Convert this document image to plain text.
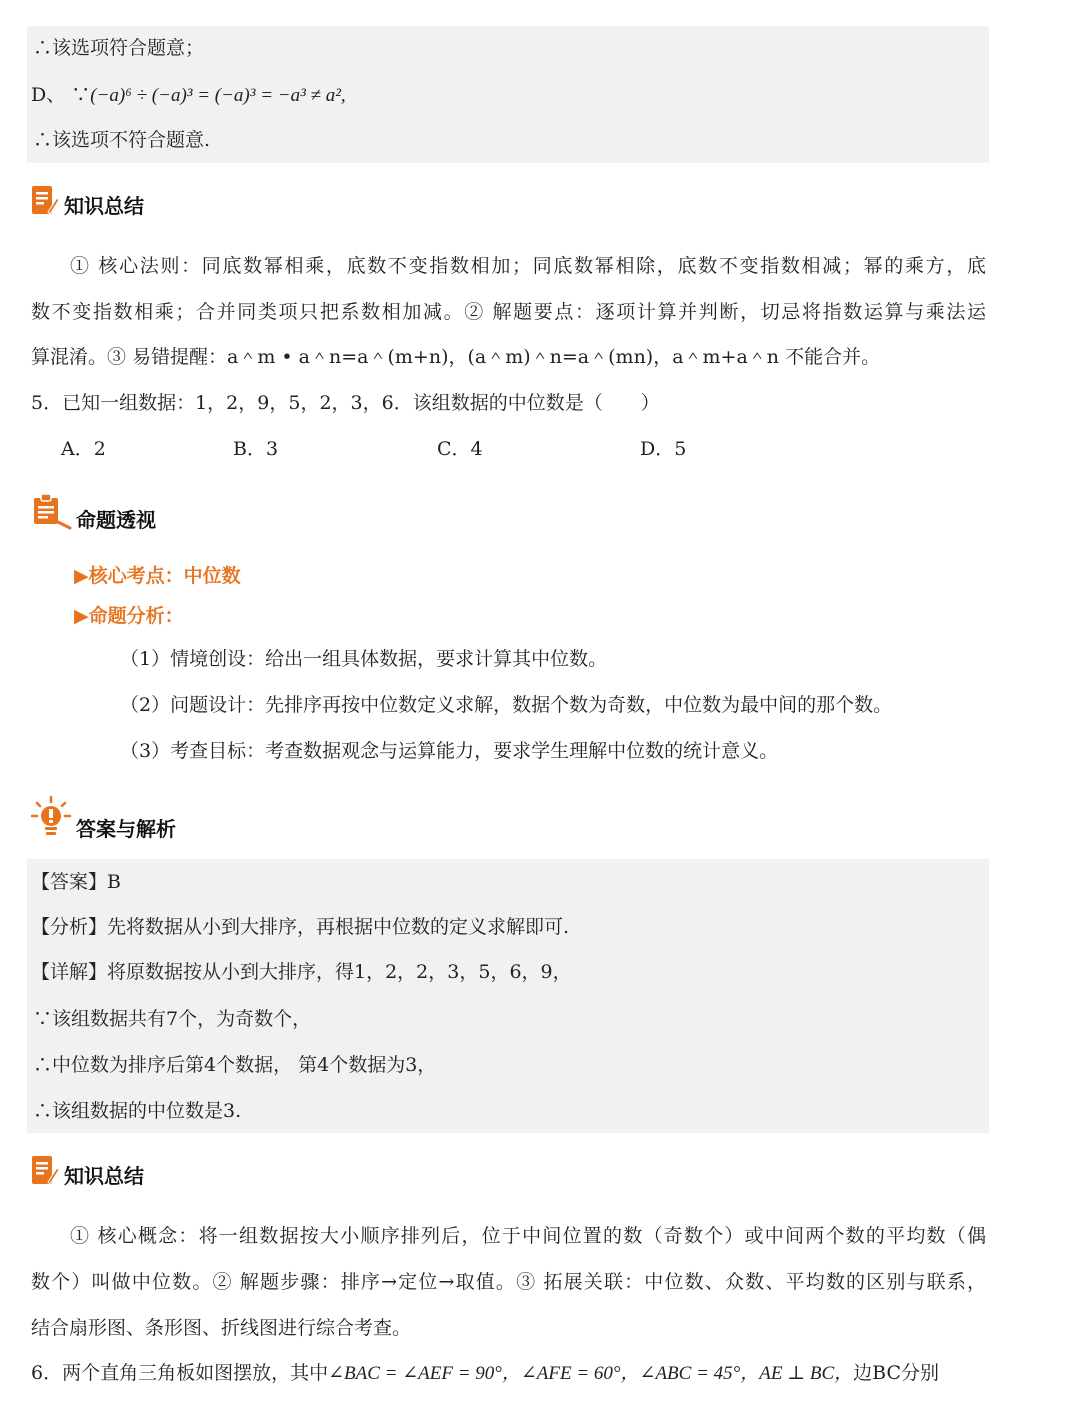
∴该选项符合题意；
D、 ∵(−a)⁶ ÷ (−a)³ = (−a)³ = −a³ ≠ a²,
∴该选项不符合题意.
知识总结
① 核心法则：同底数幂相乘，底数不变指数相加；同底数幂相除，底数不变指数相减；幂的乘方，底
数不变指数相乘；合并同类项只把系数相加减。② 解题要点：逐项计算并判断，切忌将指数运算与乘法运
算混淆。③ 易错提醒：a＾m • a＾n=a＾(m+n)，(a＾m)＾n=a＾(mn)，a＾m+a＾n 不能合并。
5．已知一组数据：1，2，9，5，2，3，6．该组数据的中位数是（　　）
A．2	B．3	C．4	D．5
命题透视
▶核心考点：中位数
▶命题分析：
（1）情境创设：给出一组具体数据，要求计算其中位数。
（2）问题设计：先排序再按中位数定义求解，数据个数为奇数，中位数为最中间的那个数。
（3）考查目标：考查数据观念与运算能力，要求学生理解中位数的统计意义。
答案与解析
【答案】B
【分析】先将数据从小到大排序，再根据中位数的定义求解即可.
【详解】将原数据按从小到大排序，得1，2，2，3，5，6，9，
∵该组数据共有7个，为奇数个，
∴中位数为排序后第4个数据， 第4个数据为3，
∴该组数据的中位数是3.
知识总结
① 核心概念：将一组数据按大小顺序排列后，位于中间位置的数（奇数个）或中间两个数的平均数（偶
数个）叫做中位数。② 解题步骤：排序→定位→取值。③ 拓展关联：中位数、众数、平均数的区别与联系，
结合扇形图、条形图、折线图进行综合考查。
6．两个直角三角板如图摆放，其中∠BAC = ∠AEF = 90°，∠AFE = 60°，∠ABC = 45°，AE ⊥ BC，边BC分别
